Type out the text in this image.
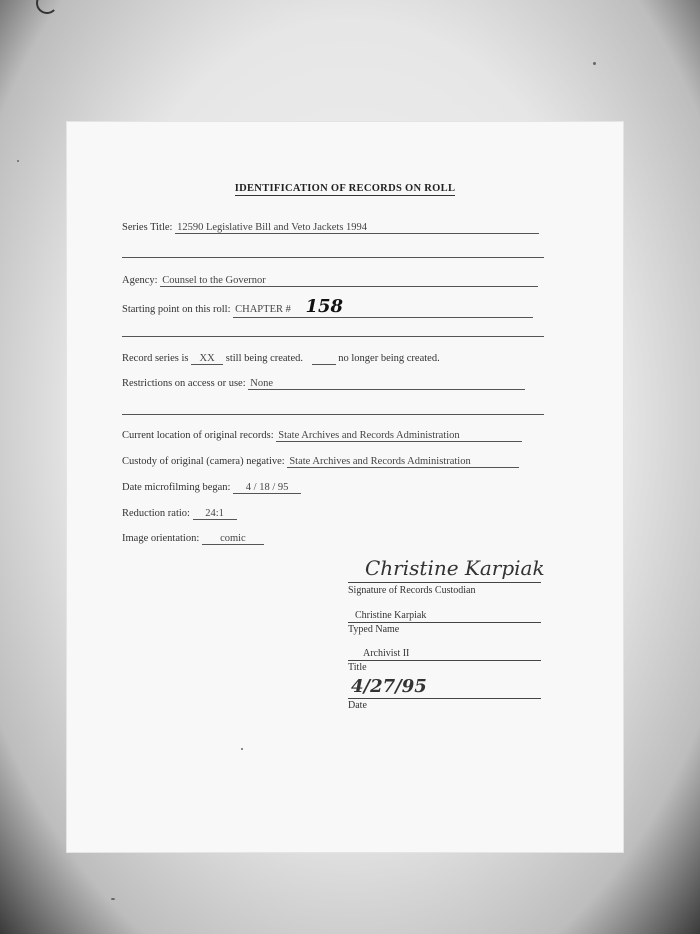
IDENTIFICATION OF RECORDS ON ROLL
Series Title: 12590 Legislative Bill and Veto Jackets 1994
Agency: Counsel to the Governor
Starting point on this roll: CHAPTER # 158
Record series is XX still being created.	no longer being created.
Restrictions on access or use: None
Current location of original records: State Archives and Records Administration
Custody of original (camera) negative: State Archives and Records Administration
Date microfilming began: 4 / 18 / 95
Reduction ratio: 24:1
Image orientation: comic
Christine Karpiak
Signature of Records Custodian
Christine Karpiak
Typed Name
Archivist II
Title
4/27/95
Date
